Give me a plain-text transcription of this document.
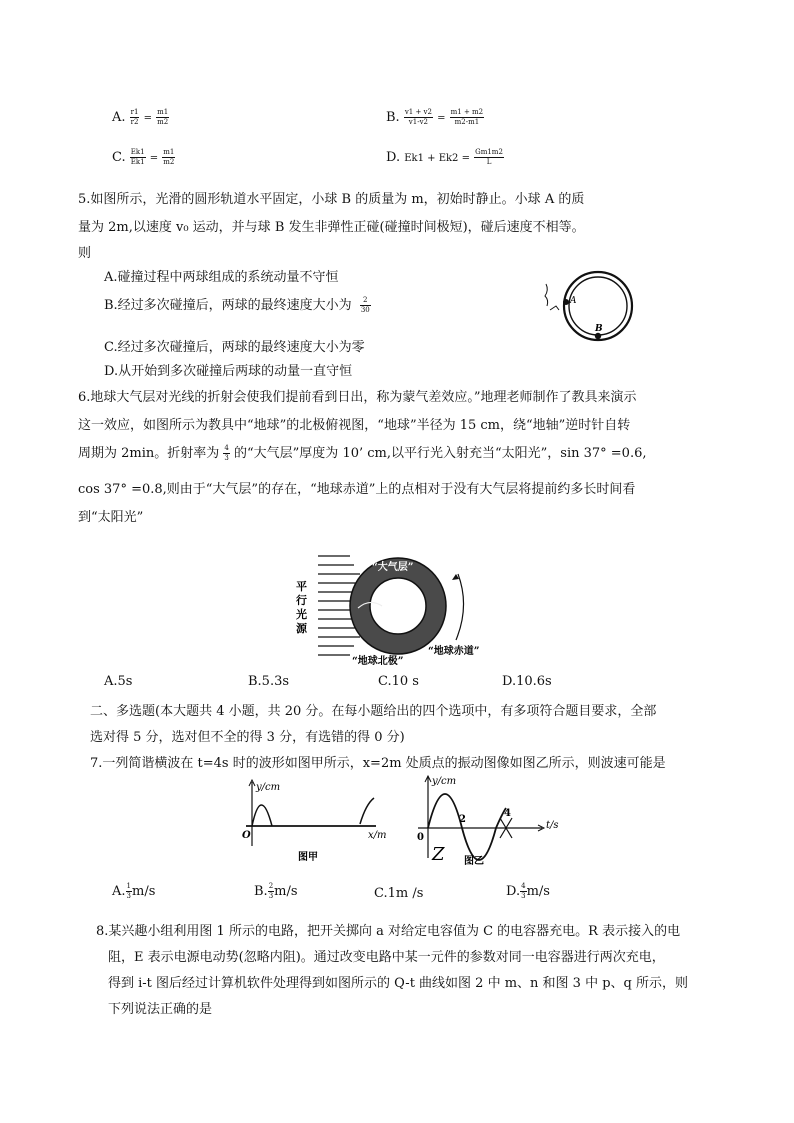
A. $\frac{r1}{r2} = \frac{m1}{m2}$	B. $\frac{v1 + v2}{v1-v2} = \frac{m1 + m2}{m2-m1}$
C. $\frac{Ek1}{Ek1} = \frac{m1}{m2}$	D. $Ek1 + Ek2 = \frac{Gm1m2}{L}$
5.如图所示，光滑的圆形轨道水平固定，小球 B 的质量为 m，初始时静止。小球 A 的质
量为 2m,以速度 v₀ 运动，并与球 B 发生非弹性正碰(碰撞时间极短)，碰后速度不相等。
则
A.碰撞过程中两球组成的系统动量不守恒
B.经过多次碰撞后，两球的最终速度大小为 $\frac{2}{30}$
C.经过多次碰撞后，两球的最终速度大小为零
D.从开始到多次碰撞后两球的动量一直守恒
A
B
6.地球大气层对光线的折射会使我们提前看到日出，称为蒙气差效应。”地理老师制作了教具来演示
这一效应，如图所示为教具中“地球”的北极俯视图，“地球”半径为 15 cm，绕“地轴”逆时针自转
周期为 2min。折射率为 $\frac{4}{3}$ 的“大气层”厚度为 10’ cm,以平行光入射充当“太阳光”，sin 37° =0.6,
cos 37° =0.8,则由于“大气层”的存在，“地球赤道”上的点相对于没有大气层将提前约多长时间看
到“太阳光”
“大气层”
平
行
光
源
“地球北极”
“地球赤道”
A.5s	B.5.3s	C.10 s	D.10.6s
二、多选题(本大题共 4 小题，共 20 分。在每小题给出的四个选项中，有多项符合题目要求，全部
选对得 5 分，选对但不全的得 3 分，有选错的得 0 分)
7.一列简谐横波在 t=4s 时的波形如图甲所示，x=2m 处质点的振动图像如图乙所示，则波速可能是
y/cm
x/m
O
图甲
y/cm
t/s
0
2
4
Z 图乙
A. $\frac{1}{3} m/s$	B. $\frac{2}{3} m/s$	C.1m /s	D. $\frac{4}{3} m/s$
8.某兴趣小组利用图 1 所示的电路，把开关掷向 a 对给定电容值为 C 的电容器充电。R 表示接入的电
阻，E 表示电源电动势(忽略内阻)。通过改变电路中某一元件的参数对同一电容器进行两次充电，
得到 i-t 图后经过计算机软件处理得到如图所示的 Q-t 曲线如图 2 中 m、n 和图 3 中 p、q 所示，则
下列说法正确的是
